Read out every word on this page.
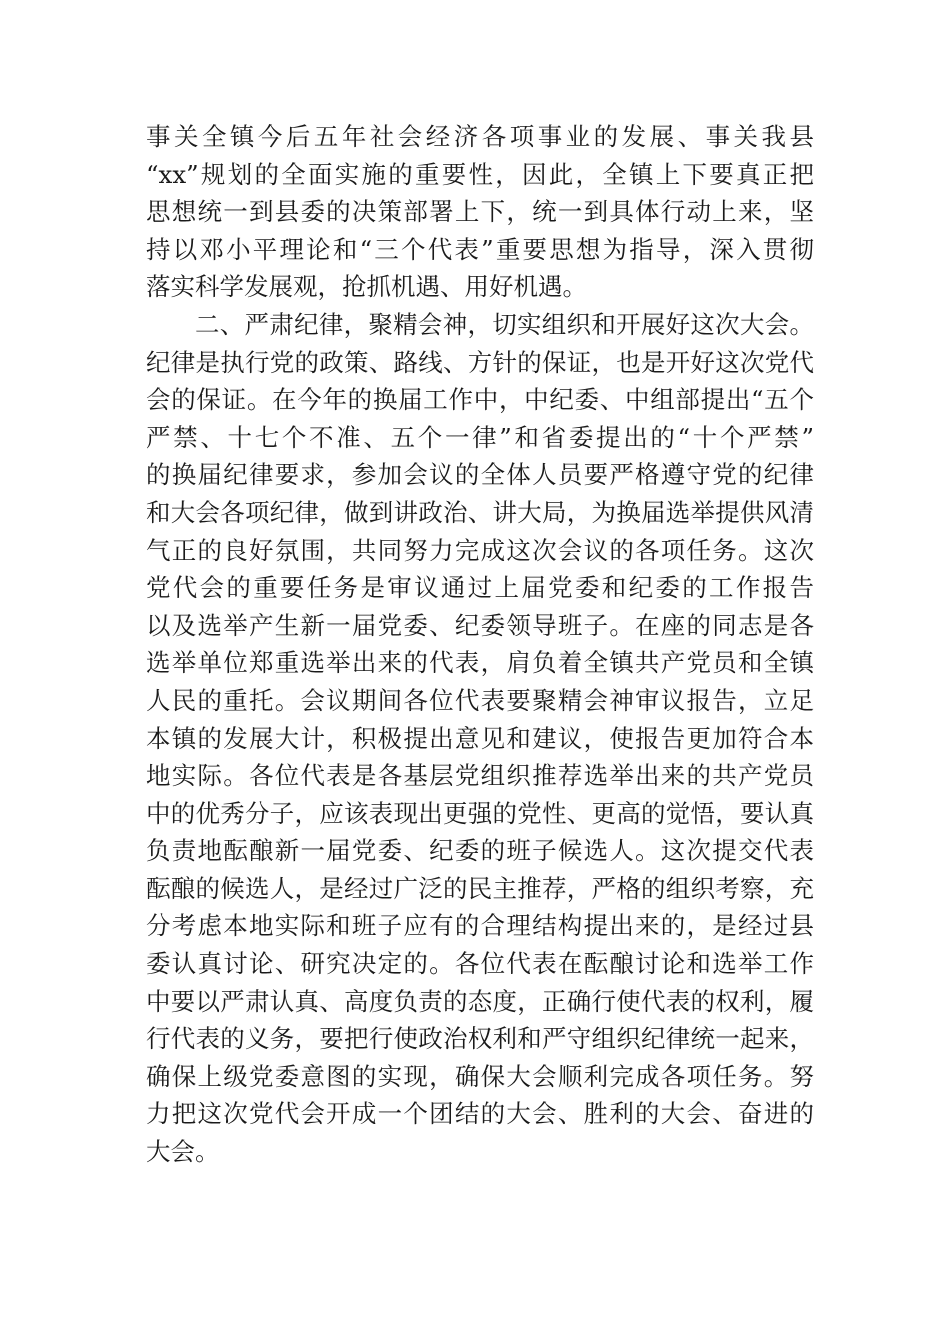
事关全镇今后五年社会经济各项事业的发展、事关我县
“xx”规划的全面实施的重要性，因此，全镇上下要真正把
思想统一到县委的决策部署上下，统一到具体行动上来，坚
持以邓小平理论和“三个代表”重要思想为指导，深入贯彻
落实科学发展观，抢抓机遇、用好机遇。
二、严肃纪律，聚精会神，切实组织和开展好这次大会。
纪律是执行党的政策、路线、方针的保证，也是开好这次党代
会的保证。在今年的换届工作中，中纪委、中组部提出“五个
严禁、十七个不准、五个一律”和省委提出的“十个严禁”
的换届纪律要求，参加会议的全体人员要严格遵守党的纪律
和大会各项纪律，做到讲政治、讲大局，为换届选举提供风清
气正的良好氛围，共同努力完成这次会议的各项任务。这次
党代会的重要任务是审议通过上届党委和纪委的工作报告
以及选举产生新一届党委、纪委领导班子。在座的同志是各
选举单位郑重选举出来的代表，肩负着全镇共产党员和全镇
人民的重托。会议期间各位代表要聚精会神审议报告，立足
本镇的发展大计，积极提出意见和建议，使报告更加符合本
地实际。各位代表是各基层党组织推荐选举出来的共产党员
中的优秀分子，应该表现出更强的党性、更高的觉悟，要认真
负责地酝酿新一届党委、纪委的班子候选人。这次提交代表
酝酿的候选人，是经过广泛的民主推荐，严格的组织考察，充
分考虑本地实际和班子应有的合理结构提出来的，是经过县
委认真讨论、研究决定的。各位代表在酝酿讨论和选举工作
中要以严肃认真、高度负责的态度，正确行使代表的权利，履
行代表的义务，要把行使政治权利和严守组织纪律统一起来，
确保上级党委意图的实现，确保大会顺利完成各项任务。努
力把这次党代会开成一个团结的大会、胜利的大会、奋进的
大会。
